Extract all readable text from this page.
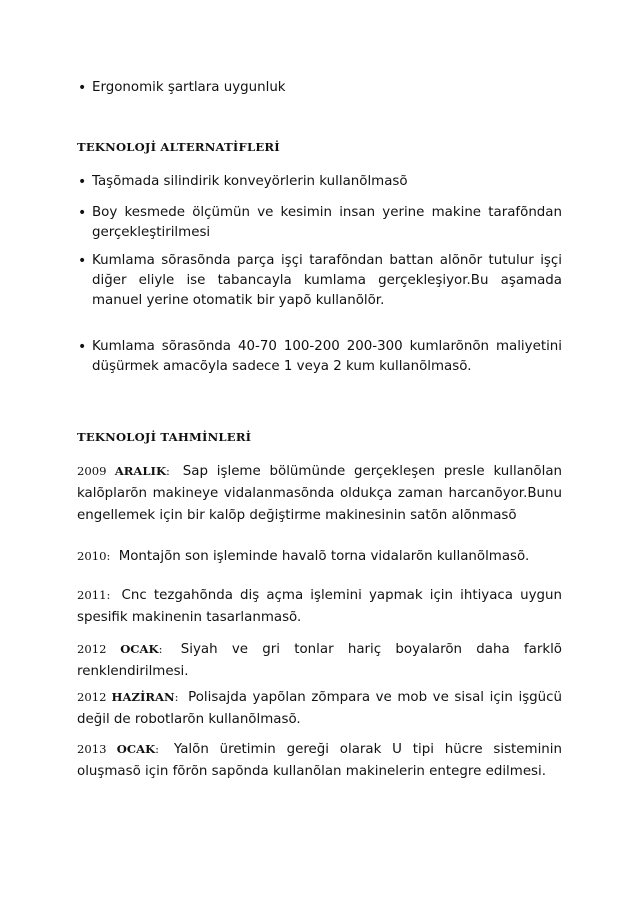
• Ergonomik şartlara uygunluk
TEKNOLOJİ ALTERNATİFLERİ
• Taşõmada silindirik konveyörlerin kullanõlmasõ
• Boy kesmede ölçümün ve kesimin insan yerine makine tarafõndan gerçekleştirilmesi
• Kumlama sõrasõnda parça işçi tarafõndan battan alõnõr tutulur işçi diğer eliyle ise tabancayla kumlama gerçekleşiyor.Bu aşamada manuel yerine otomatik bir yapõ kullanõlõr.
• Kumlama sõrasõnda 40-70 100-200 200-300 kumlarõnõn maliyetini düşürmek amacõyla sadece 1 veya 2 kum kullanõlmasõ.
TEKNOLOJİ TAHMİNLERİ
2009 ARALIK: Sap işleme bölümünde gerçekleşen presle kullanõlan kalõplarõn makineye vidalanmasõnda oldukça zaman harcanõyor.Bunu engellemek için bir kalõp değiştirme makinesinin satõn alõnmasõ
2010: Montajõn son işleminde havalõ torna vidalarõn kullanõlmasõ.
2011: Cnc tezgahõnda diş açma işlemini yapmak için ihtiyaca uygun spesifik makinenin tasarlanmasõ.
2012 OCAK: Siyah ve gri tonlar hariç boyalarõn daha farklõ renklendirilmesi.
2012 HAZİRAN: Polisajda yapõlan zõmpara ve mob ve sisal için işgücü değil de robotlarõn kullanõlmasõ.
2013 OCAK: Yalõn üretimin gereği olarak U tipi hücre sisteminin oluşmasõ için fõrõn sapõnda kullanõlan makinelerin entegre edilmesi.
